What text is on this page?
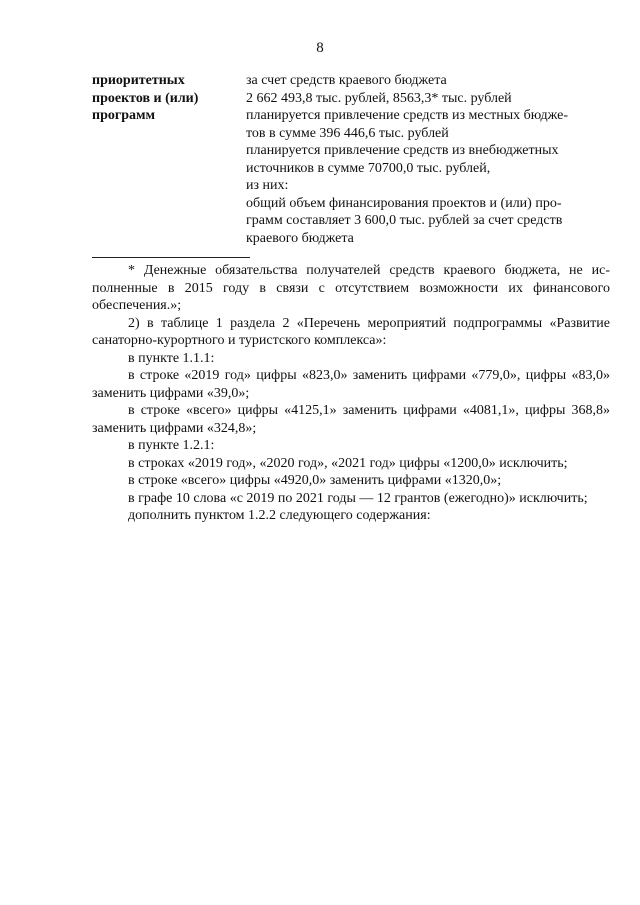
8
приоритетных
проектов и (или)
программ
за счет средств краевого бюджета
2 662 493,8 тыс. рублей, 8563,3* тыс. рублей
планируется привлечение средств из местных бюдже-
тов в сумме 396 446,6 тыс. рублей
планируется привлечение средств из внебюджетных
источников в сумме 70700,0 тыс. рублей,
из них:
общий объем финансирования проектов и (или) про-
грамм составляет 3 600,0 тыс. рублей за счет средств
краевого бюджета
* Денежные обязательства получателей средств краевого бюджета, не ис-
полненные в 2015 году в связи с отсутствием возможности их финансового
обеспечения.»;
2) в таблице 1 раздела 2 «Перечень мероприятий подпрограммы «Развитие
санаторно-курортного и туристского комплекса»:
в пункте 1.1.1:
в строке «2019 год» цифры «823,0» заменить цифрами «779,0», цифры «83,0»
заменить цифрами «39,0»;
в строке «всего» цифры «4125,1» заменить цифрами «4081,1», цифры 368,8»
заменить цифрами «324,8»;
в пункте 1.2.1:
в строках «2019 год», «2020 год», «2021 год» цифры «1200,0» исключить;
в строке «всего» цифры «4920,0» заменить цифрами «1320,0»;
в графе 10 слова «с 2019 по 2021 годы — 12 грантов (ежегодно)» исключить;
дополнить пунктом 1.2.2 следующего содержания:
